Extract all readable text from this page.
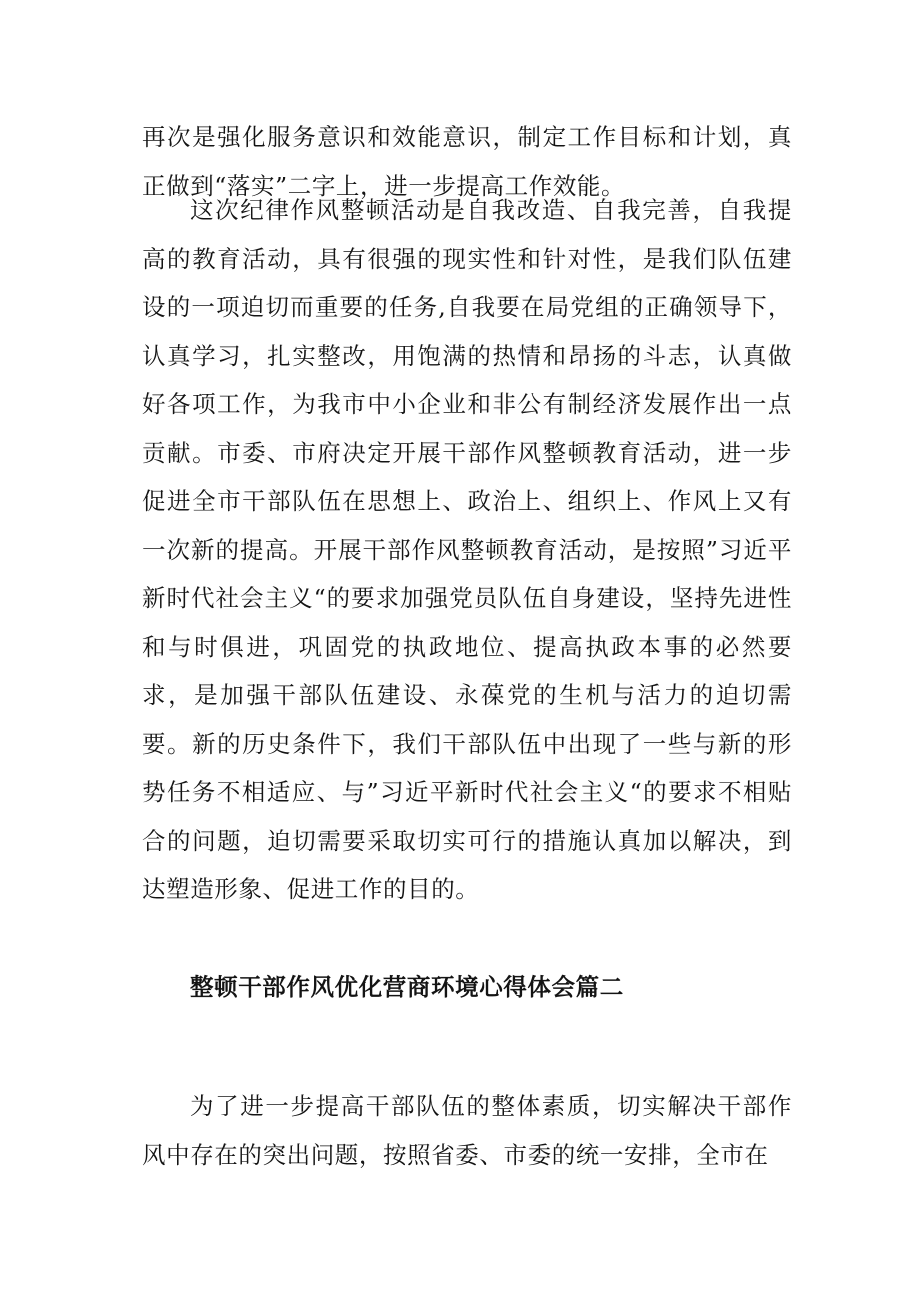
再次是强化服务意识和效能意识，制定工作目标和计划，真正做到“落实”二字上，进一步提高工作效能。

这次纪律作风整顿活动是自我改造、自我完善，自我提高的教育活动，具有很强的现实性和针对性，是我们队伍建设的一项迫切而重要的任务,自我要在局党组的正确领导下，认真学习，扎实整改，用饱满的热情和昂扬的斗志，认真做好各项工作，为我市中小企业和非公有制经济发展作出一点贡献。市委、市府决定开展干部作风整顿教育活动，进一步促进全市干部队伍在思想上、政治上、组织上、作风上又有一次新的提高。开展干部作风整顿教育活动，是按照”习近平新时代社会主义“的要求加强党员队伍自身建设，坚持先进性和与时俱进，巩固党的执政地位、提高执政本事的必然要求，是加强干部队伍建设、永葆党的生机与活力的迫切需要。新的历史条件下，我们干部队伍中出现了一些与新的形势任务不相适应、与”习近平新时代社会主义“的要求不相贴合的问题，迫切需要采取切实可行的措施认真加以解决，到达塑造形象、促进工作的目的。

整顿干部作风优化营商环境心得体会篇二

为了进一步提高干部队伍的整体素质，切实解决干部作风中存在的突出问题，按照省委、市委的统一安排，全市在
